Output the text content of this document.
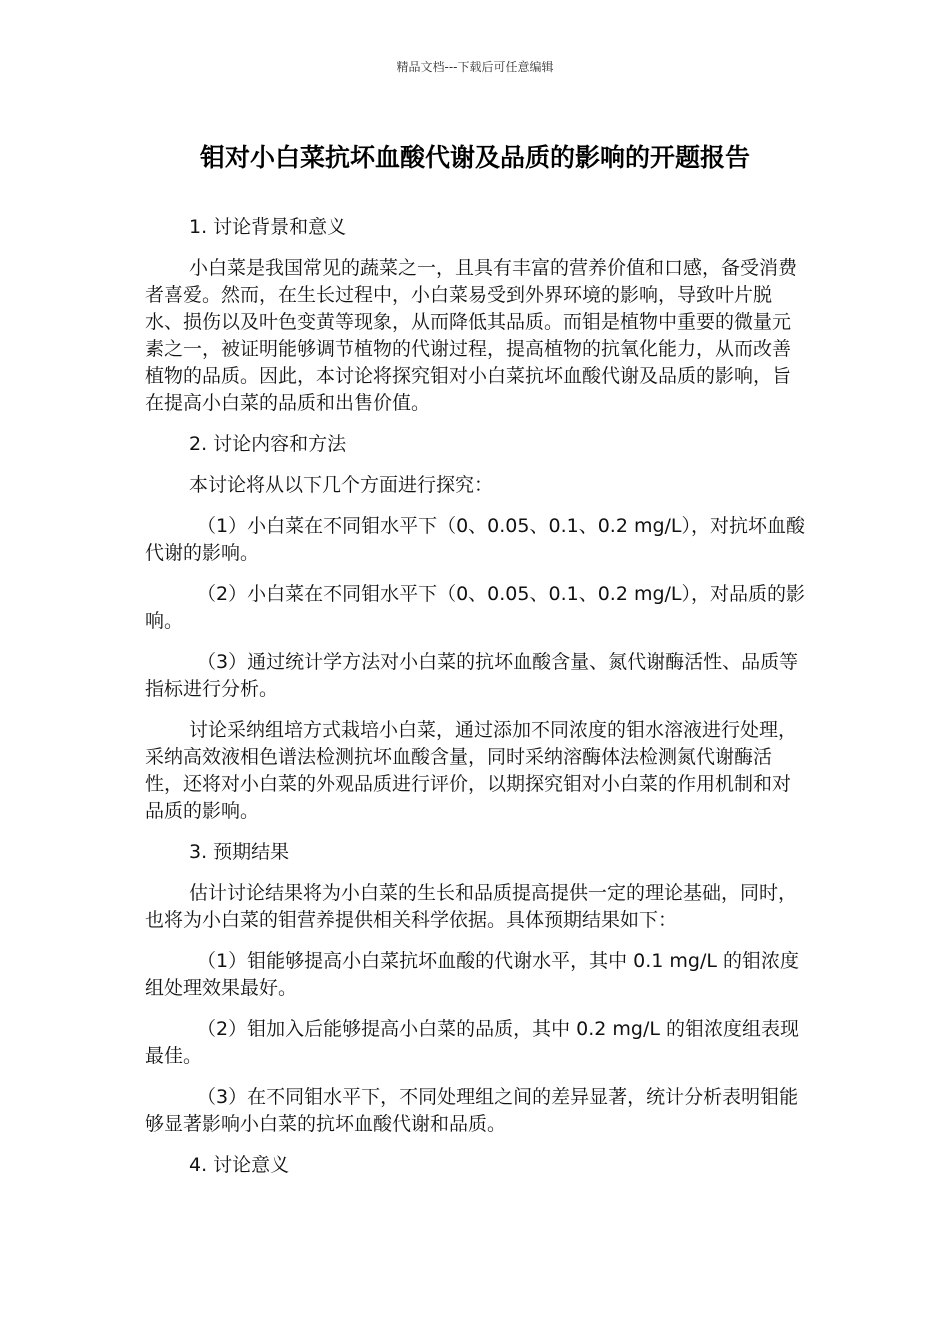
精品文档---下载后可任意编辑
钼对小白菜抗坏血酸代谢及品质的影响的开题报告

1. 讨论背景和意义

小白菜是我国常见的蔬菜之一，且具有丰富的营养价值和口感，备受消费者喜爱。然而，在生长过程中，小白菜易受到外界环境的影响，导致叶片脱水、损伤以及叶色变黄等现象，从而降低其品质。而钼是植物中重要的微量元素之一，被证明能够调节植物的代谢过程，提高植物的抗氧化能力，从而改善植物的品质。因此，本讨论将探究钼对小白菜抗坏血酸代谢及品质的影响，旨在提高小白菜的品质和出售价值。

2. 讨论内容和方法

本讨论将从以下几个方面进行探究：

（1）小白菜在不同钼水平下（0、0.05、0.1、0.2 mg/L），对抗坏血酸代谢的影响。

（2）小白菜在不同钼水平下（0、0.05、0.1、0.2 mg/L），对品质的影响。

（3）通过统计学方法对小白菜的抗坏血酸含量、氮代谢酶活性、品质等指标进行分析。

讨论采纳组培方式栽培小白菜，通过添加不同浓度的钼水溶液进行处理，采纳高效液相色谱法检测抗坏血酸含量，同时采纳溶酶体法检测氮代谢酶活性，还将对小白菜的外观品质进行评价，以期探究钼对小白菜的作用机制和对品质的影响。

3. 预期结果

估计讨论结果将为小白菜的生长和品质提高提供一定的理论基础，同时，也将为小白菜的钼营养提供相关科学依据。具体预期结果如下：

（1）钼能够提高小白菜抗坏血酸的代谢水平，其中 0.1 mg/L 的钼浓度组处理效果最好。

（2）钼加入后能够提高小白菜的品质，其中 0.2 mg/L 的钼浓度组表现最佳。

（3）在不同钼水平下，不同处理组之间的差异显著，统计分析表明钼能够显著影响小白菜的抗坏血酸代谢和品质。

4. 讨论意义
